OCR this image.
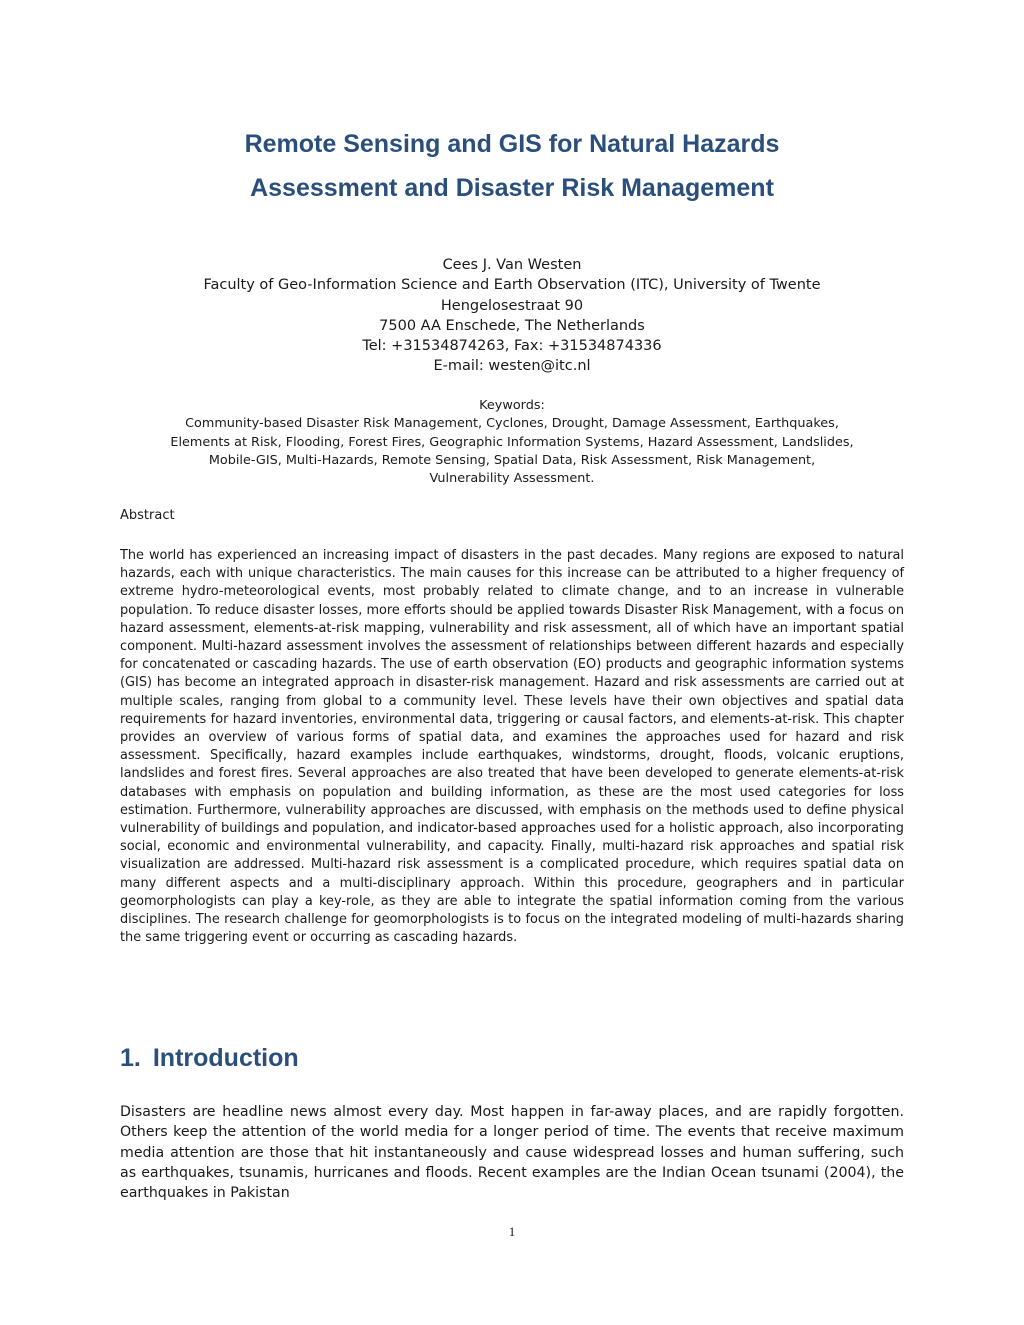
Remote Sensing and GIS for Natural Hazards
Assessment and Disaster Risk Management
Cees J. Van Westen
Faculty of Geo-Information Science and Earth Observation (ITC), University of Twente
Hengelosestraat 90
7500 AA Enschede, The Netherlands
Tel: +31534874263, Fax: +31534874336
E-mail: westen@itc.nl
Keywords:
Community-based Disaster Risk Management, Cyclones, Drought, Damage Assessment, Earthquakes,
Elements at Risk, Flooding, Forest Fires, Geographic Information Systems, Hazard Assessment, Landslides,
Mobile-GIS, Multi-Hazards, Remote Sensing, Spatial Data, Risk Assessment, Risk Management,
Vulnerability Assessment.
Abstract
The world has experienced an increasing impact of disasters in the past decades. Many regions are exposed to natural hazards, each with unique characteristics. The main causes for this increase can be attributed to a higher frequency of extreme hydro-meteorological events, most probably related to climate change, and to an increase in vulnerable population. To reduce disaster losses, more efforts should be applied towards Disaster Risk Management, with a focus on hazard assessment, elements-at-risk mapping, vulnerability and risk assessment, all of which have an important spatial component. Multi-hazard assessment involves the assessment of relationships between different hazards and especially for concatenated or cascading hazards. The use of earth observation (EO) products and geographic information systems (GIS) has become an integrated approach in disaster-risk management. Hazard and risk assessments are carried out at multiple scales, ranging from global to a community level. These levels have their own objectives and spatial data requirements for hazard inventories, environmental data, triggering or causal factors, and elements-at-risk. This chapter provides an overview of various forms of spatial data, and examines the approaches used for hazard and risk assessment. Specifically, hazard examples include earthquakes, windstorms, drought, floods, volcanic eruptions, landslides and forest fires. Several approaches are also treated that have been developed to generate elements-at-risk databases with emphasis on population and building information, as these are the most used categories for loss estimation. Furthermore, vulnerability approaches are discussed, with emphasis on the methods used to define physical vulnerability of buildings and population, and indicator-based approaches used for a holistic approach, also incorporating social, economic and environmental vulnerability, and capacity. Finally, multi-hazard risk approaches and spatial risk visualization are addressed. Multi-hazard risk assessment is a complicated procedure, which requires spatial data on many different aspects and a multi-disciplinary approach. Within this procedure, geographers and in particular geomorphologists can play a key-role, as they are able to integrate the spatial information coming from the various disciplines. The research challenge for geomorphologists is to focus on the integrated modeling of multi-hazards sharing the same triggering event or occurring as cascading hazards.
1. Introduction
Disasters are headline news almost every day. Most happen in far-away places, and are rapidly forgotten. Others keep the attention of the world media for a longer period of time. The events that receive maximum media attention are those that hit instantaneously and cause widespread losses and human suffering, such as earthquakes, tsunamis, hurricanes and floods. Recent examples are the Indian Ocean tsunami (2004), the earthquakes in Pakistan
1
